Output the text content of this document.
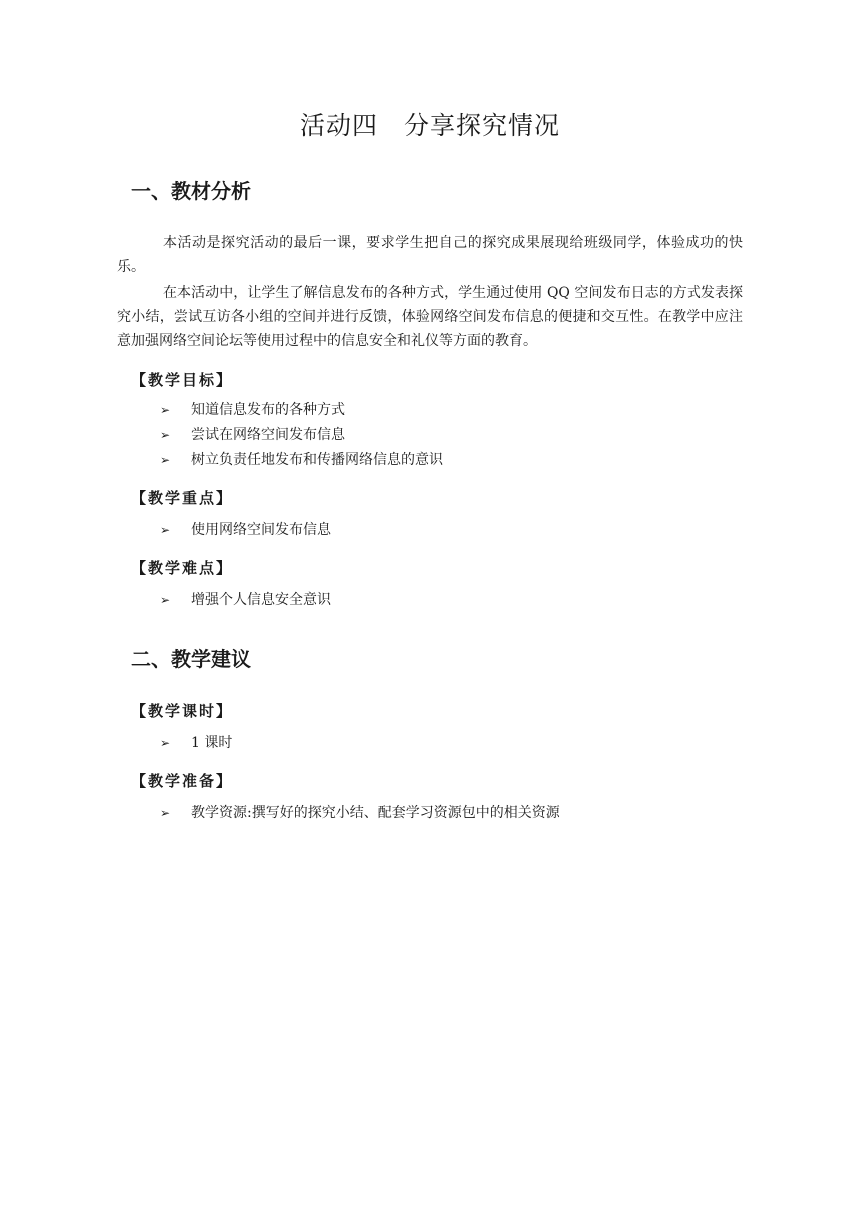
活动四　分享探究情况
一、教材分析

本活动是探究活动的最后一课，要求学生把自己的探究成果展现给班级同学，体验成功的快乐。

在本活动中，让学生了解信息发布的各种方式，学生通过使用 QQ 空间发布日志的方式发表探究小结，尝试互访各小组的空间并进行反馈，体验网络空间发布信息的便捷和交互性。在教学中应注意加强网络空间论坛等使用过程中的信息安全和礼仪等方面的教育。

【教学目标】
➢ 知道信息发布的各种方式
➢ 尝试在网络空间发布信息
➢ 树立负责任地发布和传播网络信息的意识
【教学重点】
➢ 使用网络空间发布信息
【教学难点】
➢ 增强个人信息安全意识
二、教学建议
【教学课时】
➢ 1 课时
【教学准备】
➢ 教学资源:撰写好的探究小结、配套学习资源包中的相关资源
